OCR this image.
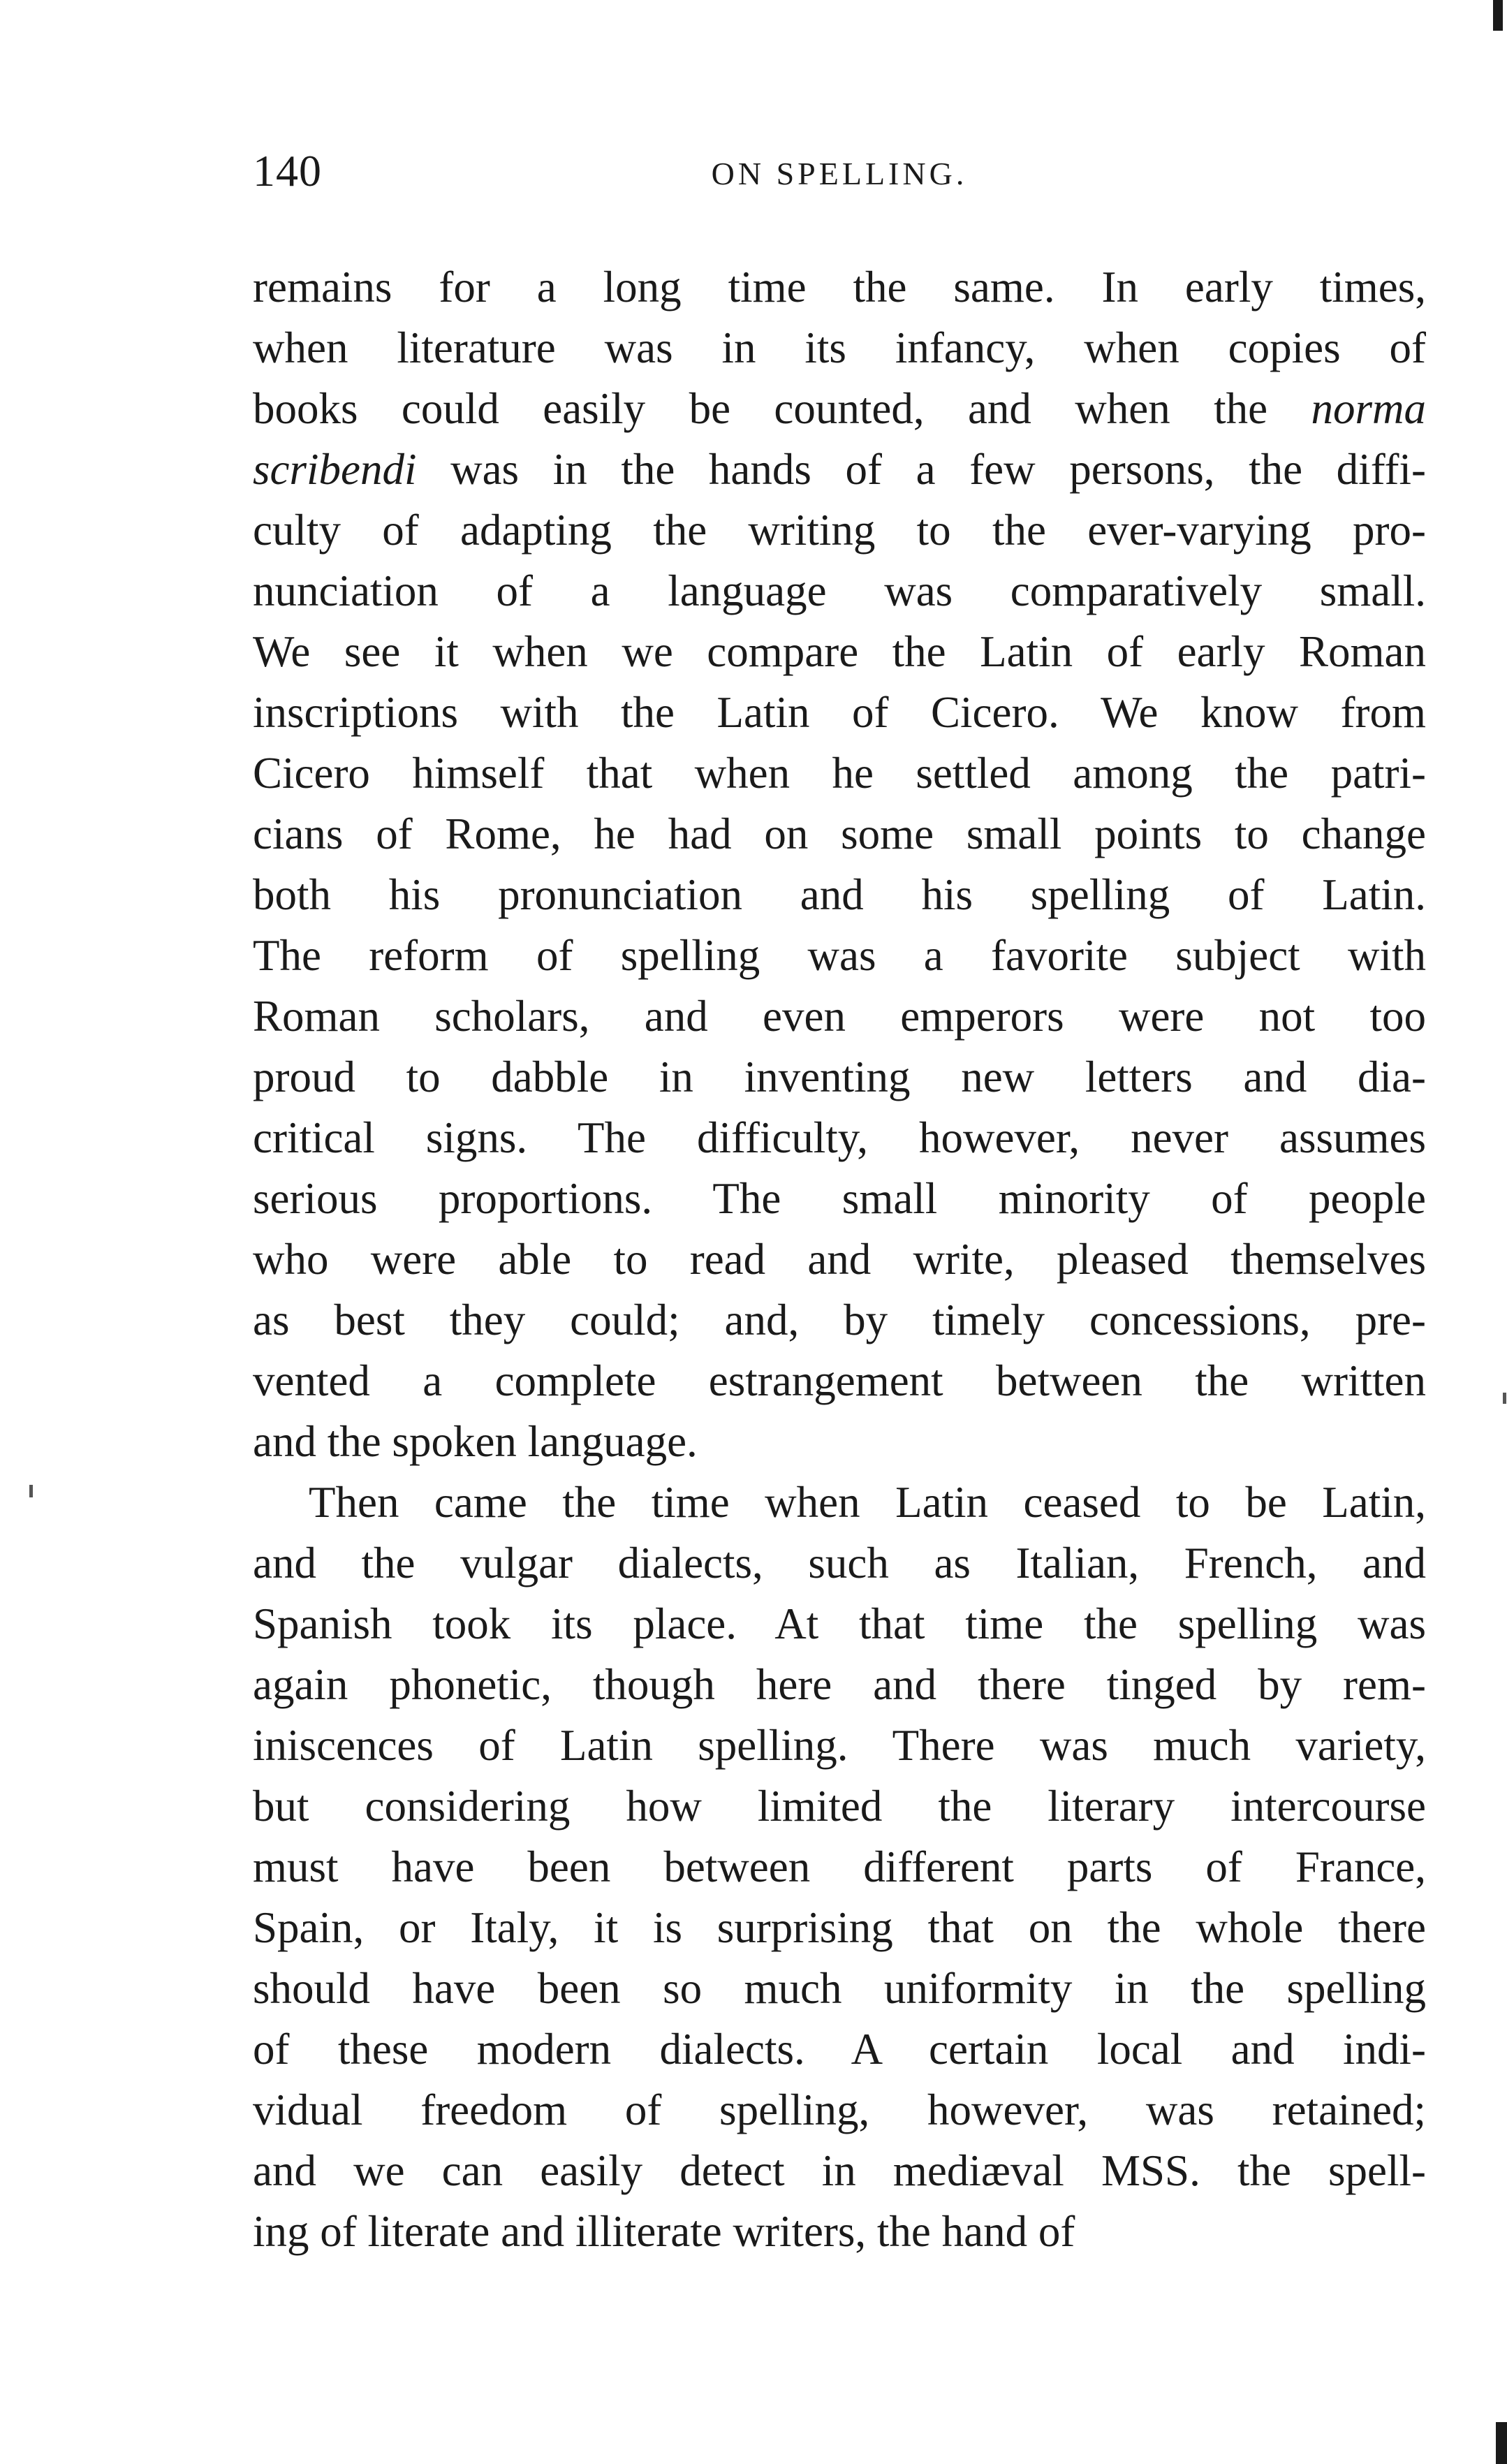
140	ON SPELLING.
remains for a long time the same. In early times,
when literature was in its infancy, when copies of
books could easily be counted, and when the norma
scribendi was in the hands of a few persons, the diffi-
culty of adapting the writing to the ever-varying pro-
nunciation of a language was comparatively small.
We see it when we compare the Latin of early Roman
inscriptions with the Latin of Cicero. We know from
Cicero himself that when he settled among the patri-
cians of Rome, he had on some small points to change
both his pronunciation and his spelling of Latin.
The reform of spelling was a favorite subject with
Roman scholars, and even emperors were not too
proud to dabble in inventing new letters and dia-
critical signs. The difficulty, however, never assumes
serious proportions. The small minority of people
who were able to read and write, pleased themselves
as best they could; and, by timely concessions, pre-
vented a complete estrangement between the written
and the spoken language.
Then came the time when Latin ceased to be Latin,
and the vulgar dialects, such as Italian, French, and
Spanish took its place. At that time the spelling was
again phonetic, though here and there tinged by rem-
iniscences of Latin spelling. There was much variety,
but considering how limited the literary intercourse
must have been between different parts of France,
Spain, or Italy, it is surprising that on the whole there
should have been so much uniformity in the spelling
of these modern dialects. A certain local and indi-
vidual freedom of spelling, however, was retained;
and we can easily detect in mediæval MSS. the spell-
ing of literate and illiterate writers, the hand of
